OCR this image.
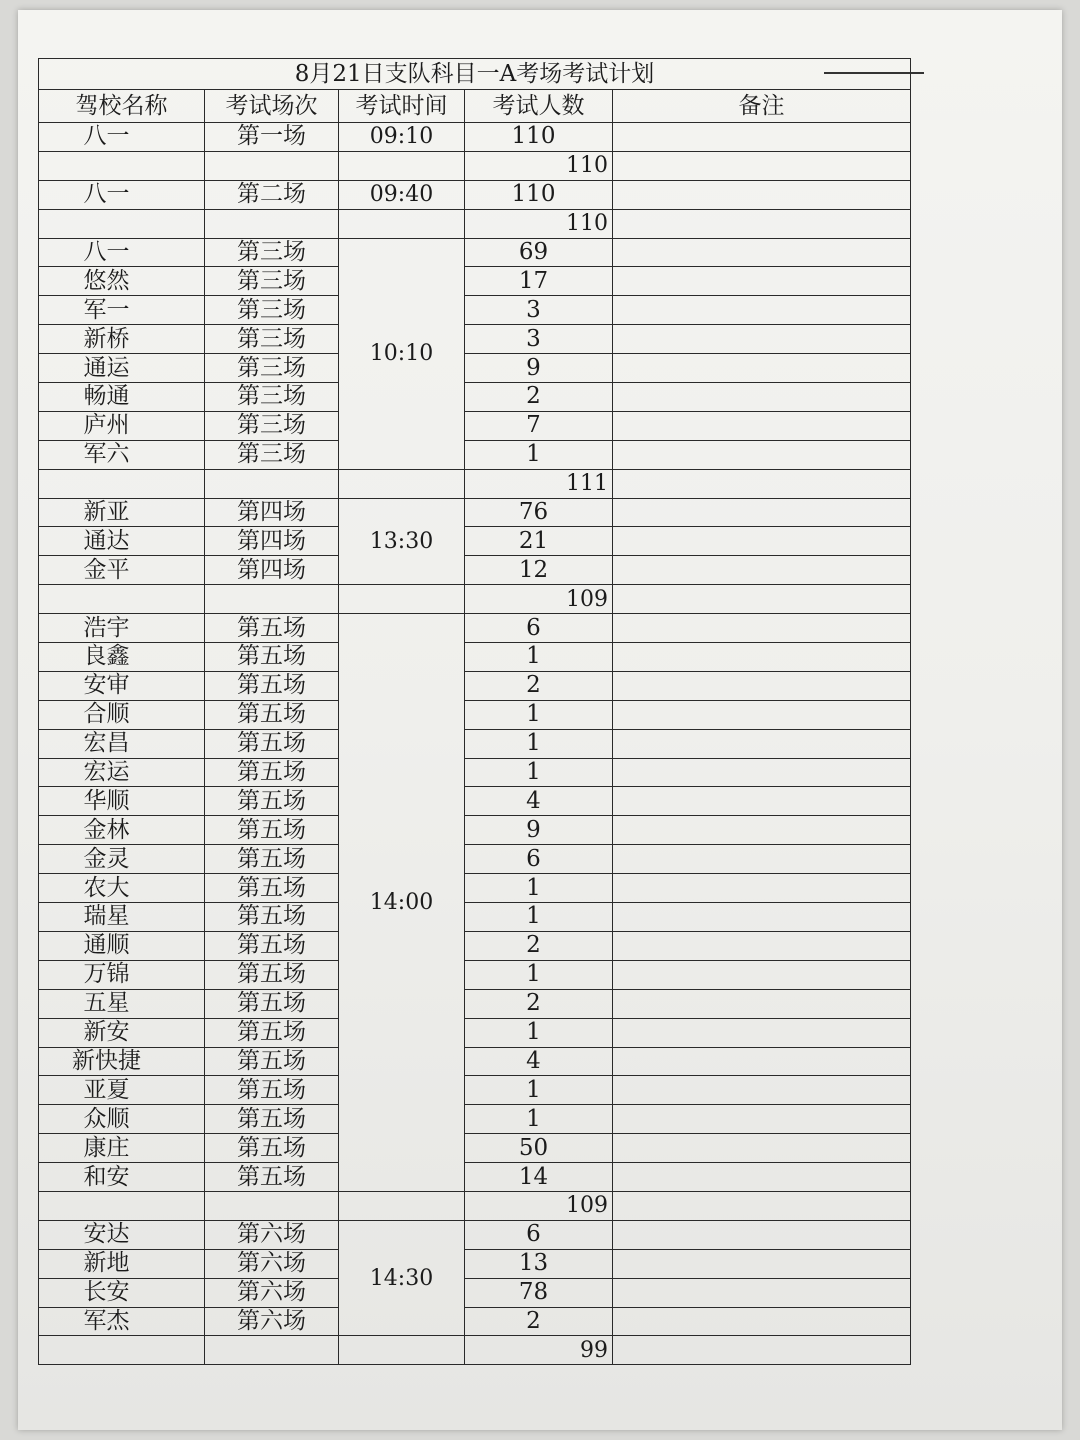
8月21日支队科目一A考场考试计划				
驾校名称	考试场次	考试时间	考试人数	备注
八一	第一场	09:10	110	
			110	
八一	第二场	09:40	110	
			110	
八一	第三场	10:10	69	
悠然	第三场		17	
军一	第三场		3	
新桥	第三场		3	
通运	第三场		9	
畅通	第三场		2	
庐州	第三场		7	
军六	第三场		1	
			111	
新亚	第四场	13:30	76	
通达	第四场		21	
金平	第四场		12	
			109	
浩宇	第五场	14:00	6	
良鑫	第五场		1	
安审	第五场		2	
合顺	第五场		1	
宏昌	第五场		1	
宏运	第五场		1	
华顺	第五场		4	
金林	第五场		9	
金灵	第五场		6	
农大	第五场		1	
瑞星	第五场		1	
通顺	第五场		2	
万锦	第五场		1	
五星	第五场		2	
新安	第五场		1	
新快捷	第五场		4	
亚夏	第五场		1	
众顺	第五场		1	
康庄	第五场		50	
和安	第五场		14	
			109	
安达	第六场	14:30	6	
新地	第六场		13	
长安	第六场		78	
军杰	第六场		2	
			99	
